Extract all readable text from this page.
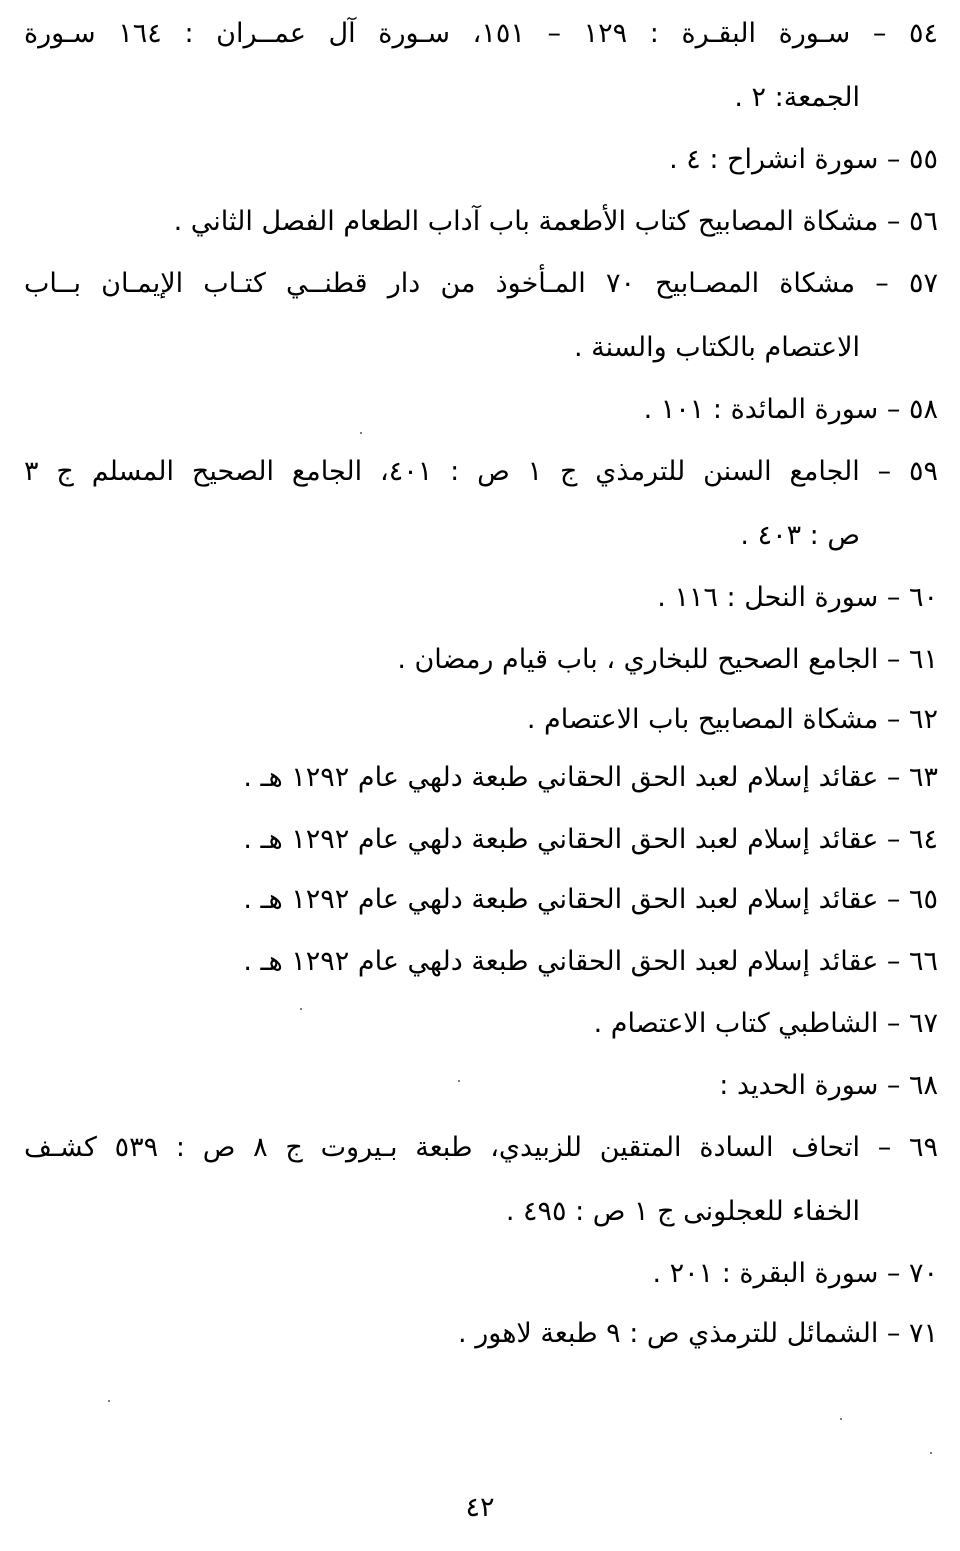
٥٤ – سـورة البقـرة : ١٢٩ – ١٥١، سـورة آل عمــران : ١٦٤ سـورة
الجمعة: ٢ .
٥٥ – سورة انشراح : ٤ .
٥٦ – مشكاة المصابيح كتاب الأطعمة باب آداب الطعام الفصل الثاني .
٥٧ – مشكاة المصـابيح ٧٠ المـأخوذ من دار قطنــي كتـاب الإيمـان بــاب
الاعتصام بالكتاب والسنة .
٥٨ – سورة المائدة : ١٠١ .
٥٩ – الجامع السنن للترمذي ج ١ ص : ٤٠١، الجامع الصحيح المسلم ج ٣
ص : ٤٠٣ .
٦٠ – سورة النحل : ١١٦ .
٦١ – الجامع الصحيح للبخاري ، باب قيام رمضان .
٦٢ – مشكاة المصابيح باب الاعتصام .
٦٣ – عقائد إسلام لعبد الحق الحقاني طبعة دلهي عام ١٢٩٢ هـ .
٦٤ – عقائد إسلام لعبد الحق الحقاني طبعة دلهي عام ١٢٩٢ هـ .
٦٥ – عقائد إسلام لعبد الحق الحقاني طبعة دلهي عام ١٢٩٢ هـ .
٦٦ – عقائد إسلام لعبد الحق الحقاني طبعة دلهي عام ١٢٩٢ هـ .
٦٧ – الشاطبي كتاب الاعتصام .
٦٨ – سورة الحديد :
٦٩ – اتحاف السادة المتقين للزبيدي، طبعة بـيروت ج ٨ ص : ٥٣٩ كشـف
الخفاء للعجلونى ج ١ ص : ٤٩٥ .
٧٠ – سورة البقرة : ٢٠١ .
٧١ – الشمائل للترمذي ص : ٩ طبعة لاهور .
٤٢
